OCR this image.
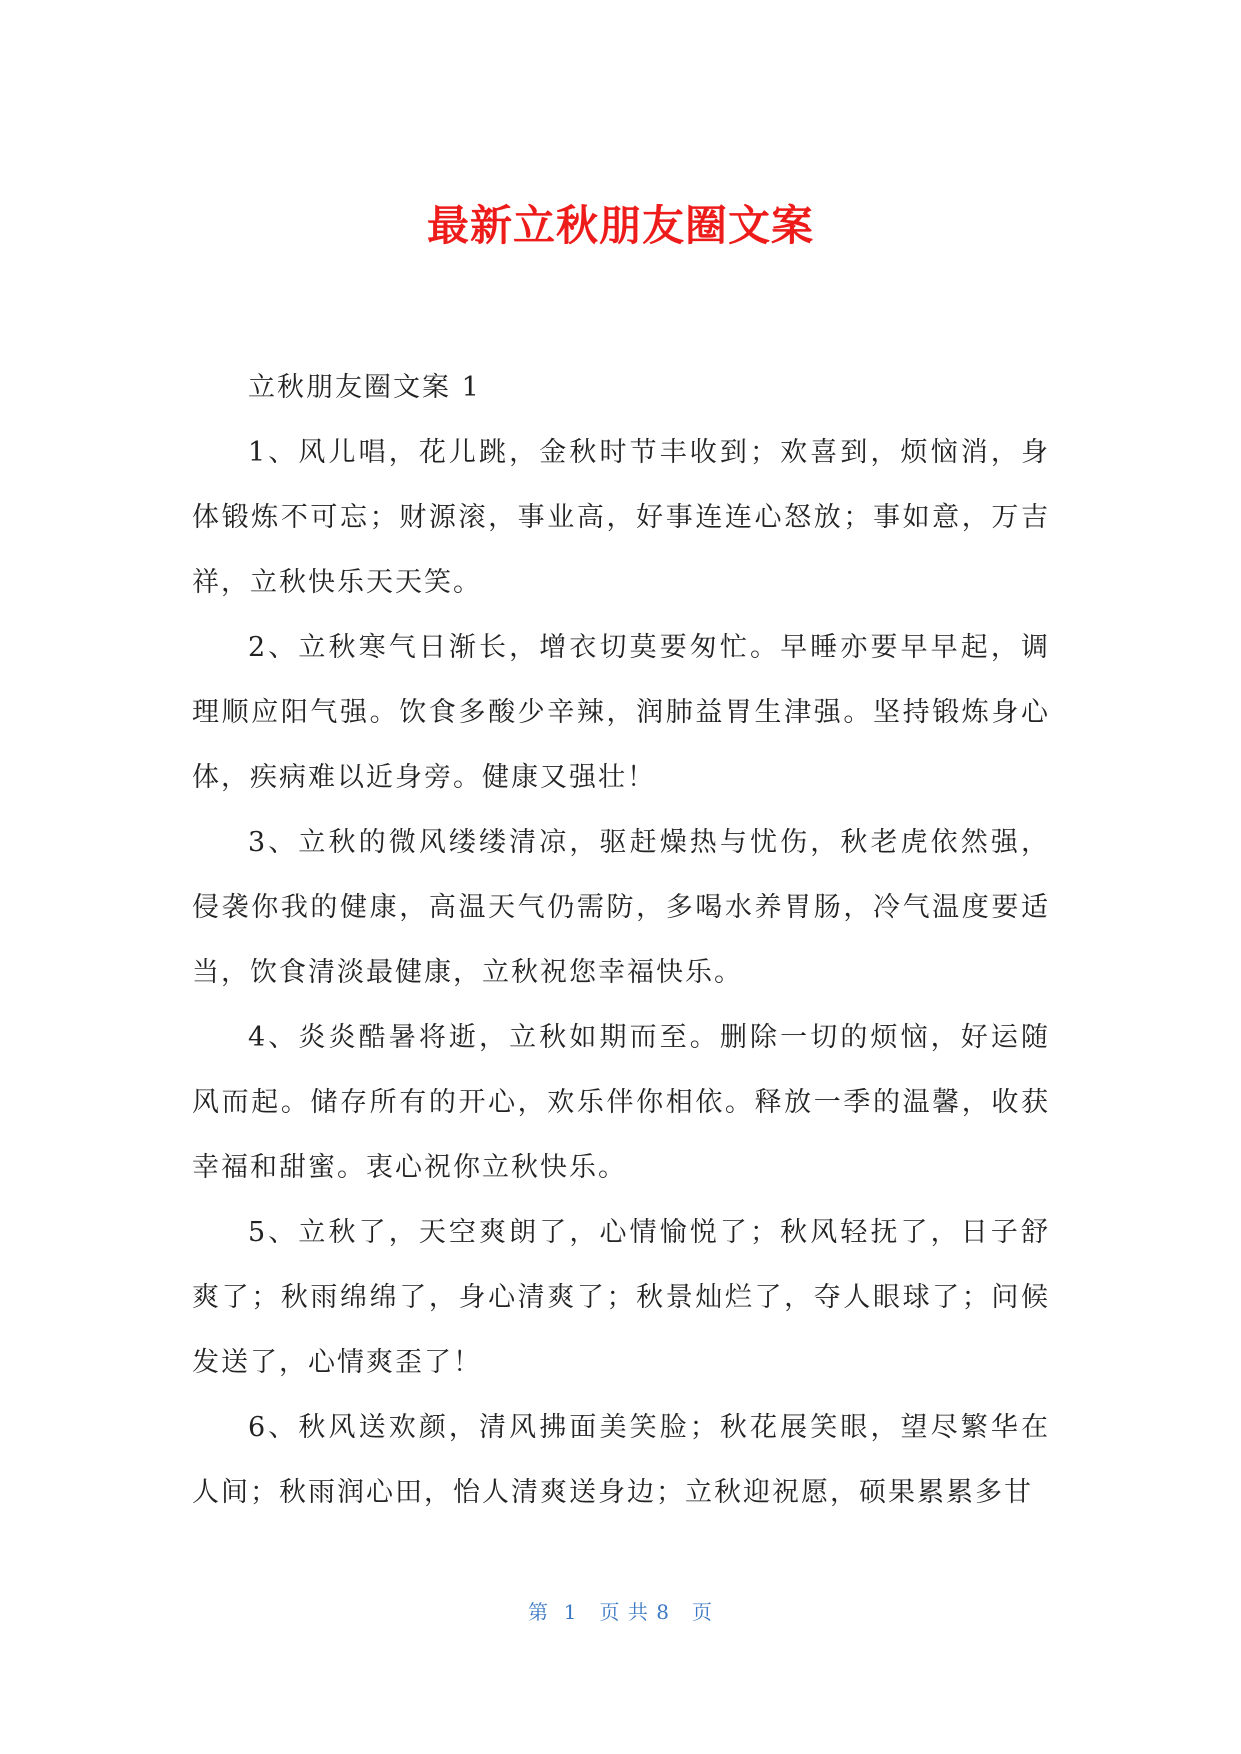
最新立秋朋友圈文案

立秋朋友圈文案 1

1、风儿唱，花儿跳，金秋时节丰收到；欢喜到，烦恼消，身体锻炼不可忘；财源滚，事业高，好事连连心怒放；事如意，万吉祥，立秋快乐天天笑。

2、立秋寒气日渐长，增衣切莫要匆忙。早睡亦要早早起，调理顺应阳气强。饮食多酸少辛辣，润肺益胃生津强。坚持锻炼身心体，疾病难以近身旁。健康又强壮！

3、立秋的微风缕缕清凉，驱赶燥热与忧伤，秋老虎依然强，侵袭你我的健康，高温天气仍需防，多喝水养胃肠，冷气温度要适当，饮食清淡最健康，立秋祝您幸福快乐。

4、炎炎酷暑将逝，立秋如期而至。删除一切的烦恼，好运随风而起。储存所有的开心，欢乐伴你相依。释放一季的温馨，收获幸福和甜蜜。衷心祝你立秋快乐。

5、立秋了，天空爽朗了，心情愉悦了；秋风轻抚了，日子舒爽了；秋雨绵绵了，身心清爽了；秋景灿烂了，夺人眼球了；问候发送了，心情爽歪了！

6、秋风送欢颜，清风拂面美笑脸；秋花展笑眼，望尽繁华在人间；秋雨润心田，怡人清爽送身边；立秋迎祝愿，硕果累累多甘

第  1   页 共 8   页
